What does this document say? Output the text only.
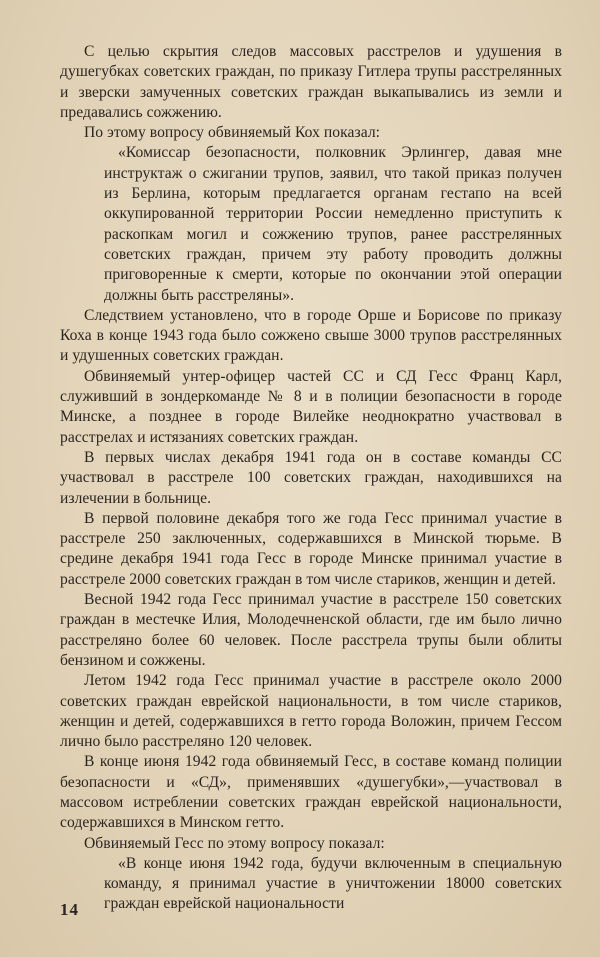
С целью скрытия следов массовых расстрелов и удушения в душегубках советских граждан, по приказу Гитлера трупы расстрелянных и зверски замученных советских граждан выкапывались из земли и предавались сожжению.

По этому вопросу обвиняемый Кох показал:

«Комиссар безопасности, полковник Эрлингер, давая мне инструктаж о сжигании трупов, заявил, что такой приказ получен из Берлина, которым предлагается органам гестапо на всей оккупированной территории России немедленно приступить к раскопкам могил и сожжению трупов, ранее расстрелянных советских граждан, причем эту работу проводить должны приговоренные к смерти, которые по окончании этой операции должны быть расстреляны».

Следствием установлено, что в городе Орше и Борисове по приказу Коха в конце 1943 года было сожжено свыше 3000 трупов расстрелянных и удушенных советских граждан.

Обвиняемый унтер-офицер частей СС и СД Гесс Франц Карл, служивший в зондеркоманде № 8 и в полиции безопасности в городе Минске, а позднее в городе Вилейке неоднократно участвовал в расстрелах и истязаниях советских граждан.

В первых числах декабря 1941 года он в составе команды СС участвовал в расстреле 100 советских граждан, находившихся на излечении в больнице.

В первой половине декабря того же года Гесс принимал участие в расстреле 250 заключенных, содержавшихся в Минской тюрьме. В средине декабря 1941 года Гесс в городе Минске принимал участие в расстреле 2000 советских граждан в том числе стариков, женщин и детей.

Весной 1942 года Гесс принимал участие в расстреле 150 советских граждан в местечке Илия, Молодечненской области, где им было лично расстреляно более 60 человек. После расстрела трупы были облиты бензином и сожжены.

Летом 1942 года Гесс принимал участие в расстреле около 2000 советских граждан еврейской национальности, в том числе стариков, женщин и детей, содержавшихся в гетто города Воложин, причем Гессом лично было расстреляно 120 человек.

В конце июня 1942 года обвиняемый Гесс, в составе команд полиции безопасности и «СД», применявших «душегубки»,—участвовал в массовом истреблении советских граждан еврейской национальности, содержавшихся в Минском гетто.

Обвиняемый Гесс по этому вопросу показал:

«В конце июня 1942 года, будучи включенным в специальную команду, я принимал участие в уничтожении 18000 советских граждан еврейской национальности

14
